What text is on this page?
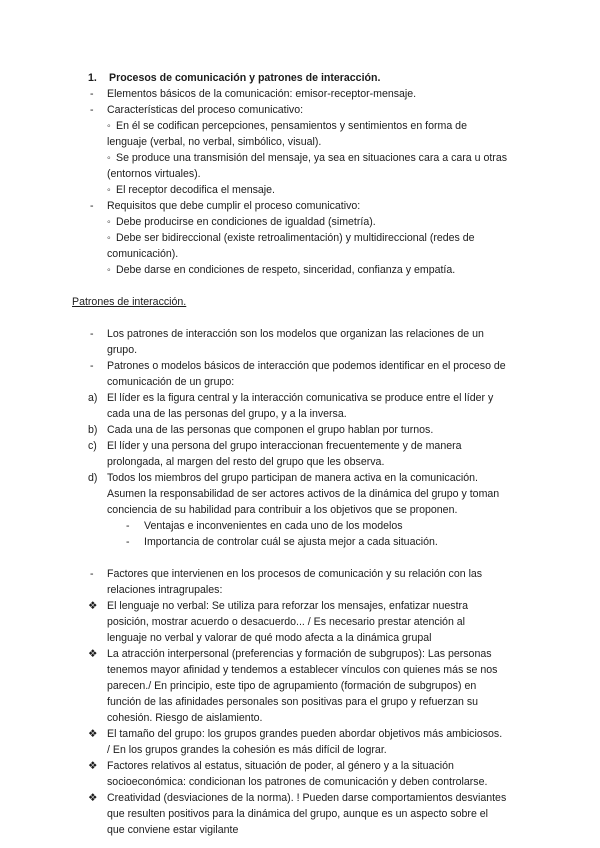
1. Procesos de comunicación y patrones de interacción.
- Elementos básicos de la comunicación: emisor-receptor-mensaje.
- Características del proceso comunicativo:
◦ En él se codifican percepciones, pensamientos y sentimientos en forma de
lenguaje (verbal, no verbal, simbólico, visual).
◦ Se produce una transmisión del mensaje, ya sea en situaciones cara a cara u otras
(entornos virtuales).
◦ El receptor decodifica el mensaje.
- Requisitos que debe cumplir el proceso comunicativo:
◦ Debe producirse en condiciones de igualdad (simetría).
◦ Debe ser bidireccional (existe retroalimentación) y multidireccional (redes de
comunicación).
◦ Debe darse en condiciones de respeto, sinceridad, confianza y empatía.
Patrones de interacción.
- Los patrones de interacción son los modelos que organizan las relaciones de un
grupo.
- Patrones o modelos básicos de interacción que podemos identificar en el proceso de
comunicación de un grupo:
a) El líder es la figura central y la interacción comunicativa se produce entre el líder y
cada una de las personas del grupo, y a la inversa.
b) Cada una de las personas que componen el grupo hablan por turnos.
c) El líder y una persona del grupo interaccionan frecuentemente y de manera
prolongada, al margen del resto del grupo que les observa.
d) Todos los miembros del grupo participan de manera activa en la comunicación.
Asumen la responsabilidad de ser actores activos de la dinámica del grupo y toman
conciencia de su habilidad para contribuir a los objetivos que se proponen.
- Ventajas e inconvenientes en cada uno de los modelos
- Importancia de controlar cuál se ajusta mejor a cada situación.
- Factores que intervienen en los procesos de comunicación y su relación con las
relaciones intragrupales:
❖ El lenguaje no verbal: Se utiliza para reforzar los mensajes, enfatizar nuestra
posición, mostrar acuerdo o desacuerdo... / Es necesario prestar atención al
lenguaje no verbal y valorar de qué modo afecta a la dinámica grupal
❖ La atracción interpersonal (preferencias y formación de subgrupos): Las personas
tenemos mayor afinidad y tendemos a establecer vínculos con quienes más se nos
parecen./ En principio, este tipo de agrupamiento (formación de subgrupos) en
función de las afinidades personales son positivas para el grupo y refuerzan su
cohesión. Riesgo de aislamiento.
❖ El tamaño del grupo: los grupos grandes pueden abordar objetivos más ambiciosos.
/ En los grupos grandes la cohesión es más difícil de lograr.
❖ Factores relativos al estatus, situación de poder, al género y a la situación
socioeconómica: condicionan los patrones de comunicación y deben controlarse.
❖ Creatividad (desviaciones de la norma). ! Pueden darse comportamientos desviantes
que resulten positivos para la dinámica del grupo, aunque es un aspecto sobre el
que conviene estar vigilante
